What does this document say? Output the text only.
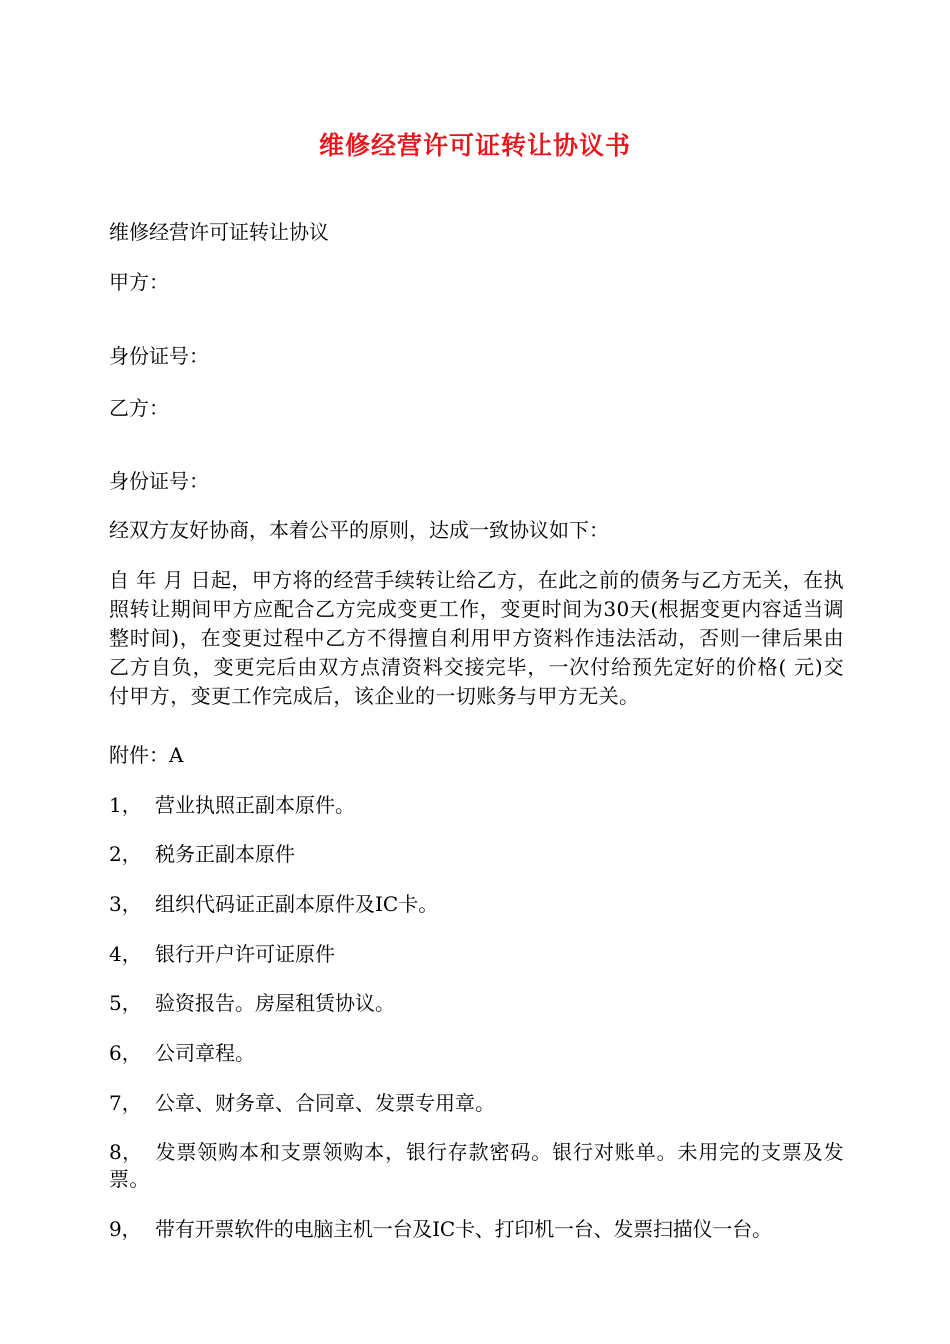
维修经营许可证转让协议书
维修经营许可证转让协议
甲方：
身份证号：
乙方：
身份证号：
经双方友好协商，本着公平的原则，达成一致协议如下：
自 年 月 日起，甲方将的经营手续转让给乙方，在此之前的债务与乙方无关，在执照转让期间甲方应配合乙方完成变更工作，变更时间为30天(根据变更内容适当调整时间)，在变更过程中乙方不得擅自利用甲方资料作违法活动，否则一律后果由乙方自负，变更完后由双方点清资料交接完毕，一次付给预先定好的价格( 元)交付甲方，变更工作完成后，该企业的一切账务与甲方无关。
附件：A
1， 营业执照正副本原件。
2， 税务正副本原件
3， 组织代码证正副本原件及IC卡。
4， 银行开户许可证原件
5， 验资报告。房屋租赁协议。
6， 公司章程。
7， 公章、财务章、合同章、发票专用章。
8， 发票领购本和支票领购本，银行存款密码。银行对账单。未用完的支票及发票。
9， 带有开票软件的电脑主机一台及IC卡、打印机一台、发票扫描仪一台。
